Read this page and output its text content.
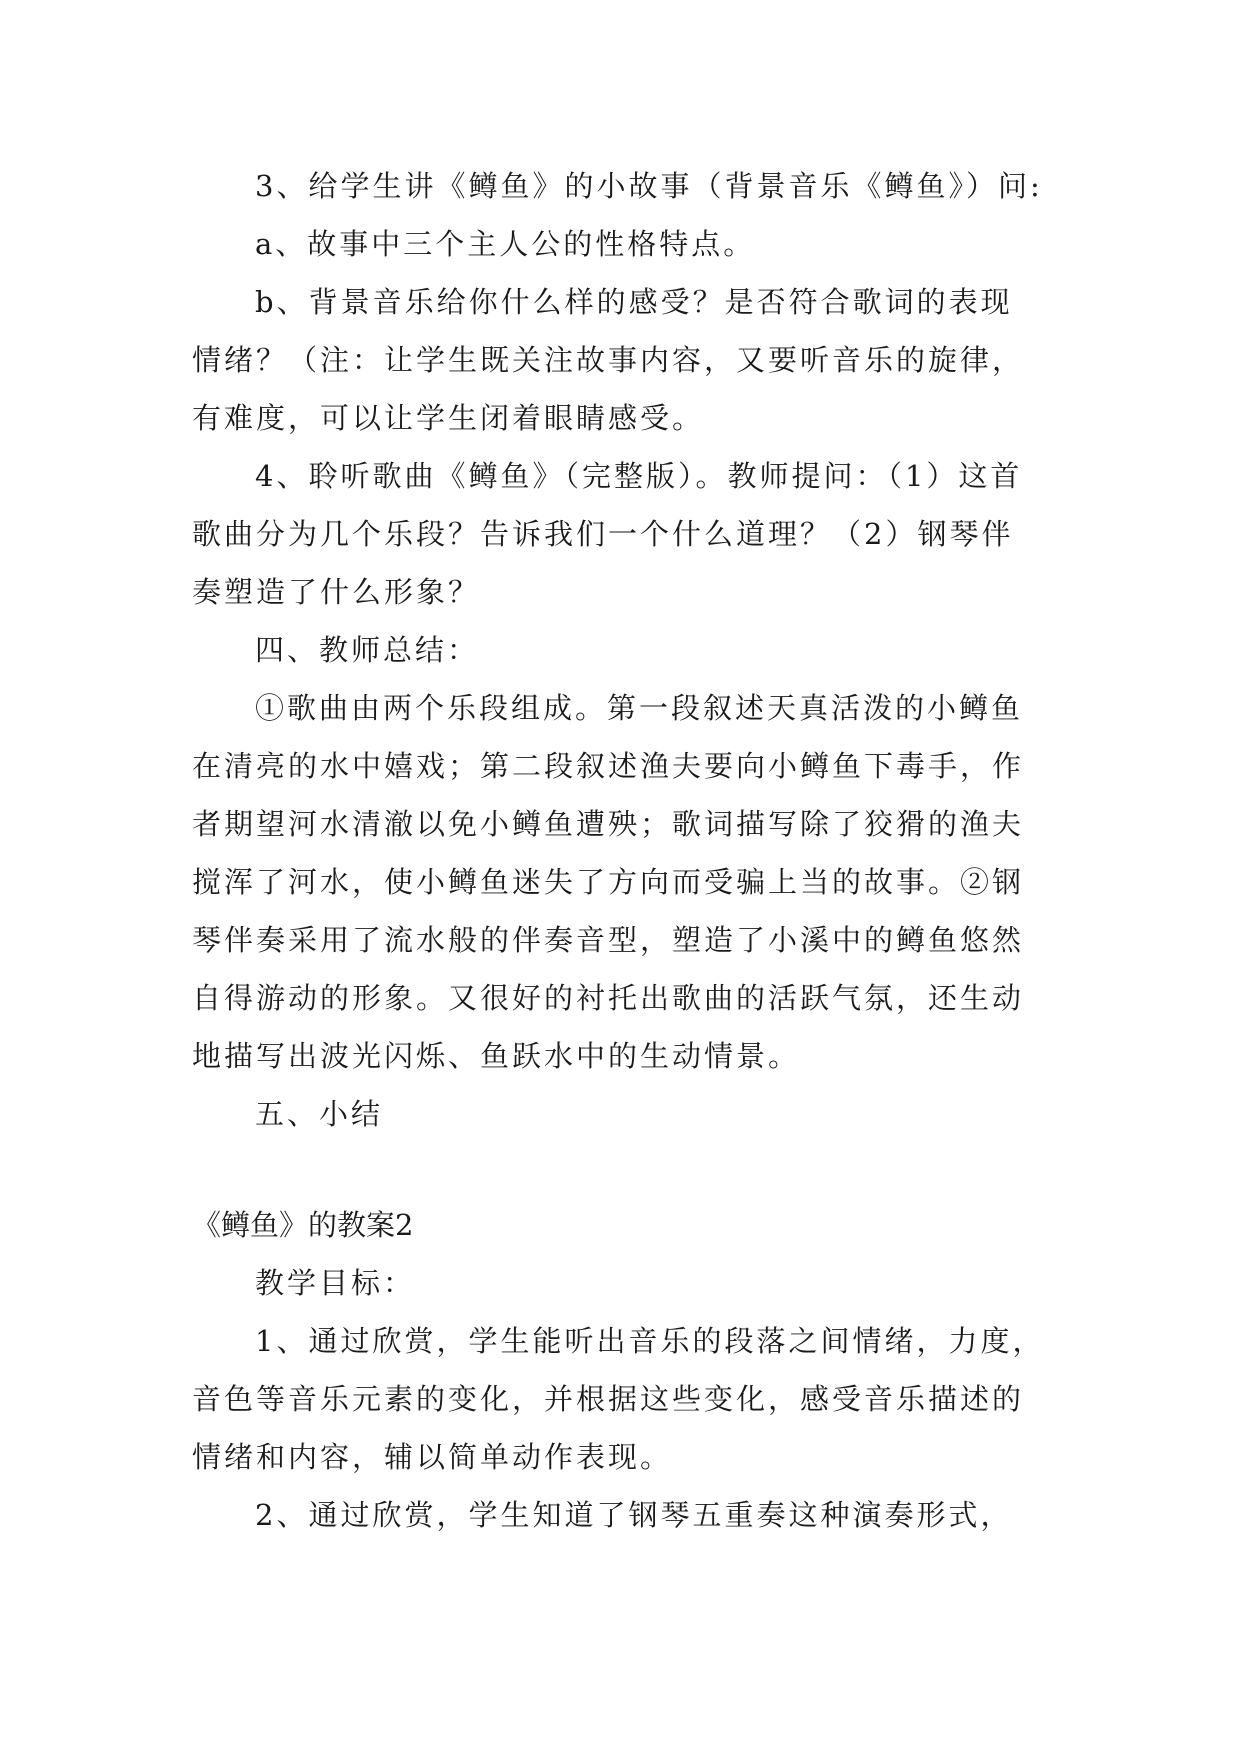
3、给学生讲《鳟鱼》的小故事（背景音乐《鳟鱼》）问:
a、故事中三个主人公的性格特点。
b、背景音乐给你什么样的感受？是否符合歌词的表现
情绪？（注：让学生既关注故事内容，又要听音乐的旋律，
有难度，可以让学生闭着眼睛感受。
4、聆听歌曲《鳟鱼》（完整版）。教师提问：（1）这首
歌曲分为几个乐段？告诉我们一个什么道理？（2）钢琴伴
奏塑造了什么形象？
四、教师总结：
①歌曲由两个乐段组成。第一段叙述天真活泼的小鳟鱼
在清亮的水中嬉戏；第二段叙述渔夫要向小鳟鱼下毒手，作
者期望河水清澈以免小鳟鱼遭殃；歌词描写除了狡猾的渔夫
搅浑了河水，使小鳟鱼迷失了方向而受骗上当的故事。②钢
琴伴奏采用了流水般的伴奏音型，塑造了小溪中的鳟鱼悠然
自得游动的形象。又很好的衬托出歌曲的活跃气氛，还生动
地描写出波光闪烁、鱼跃水中的生动情景。
五、小结
《鳟鱼》的教案2
教学目标：
1、通过欣赏，学生能听出音乐的段落之间情绪，力度，
音色等音乐元素的变化，并根据这些变化，感受音乐描述的
情绪和内容，辅以简单动作表现。
2、通过欣赏，学生知道了钢琴五重奏这种演奏形式，
